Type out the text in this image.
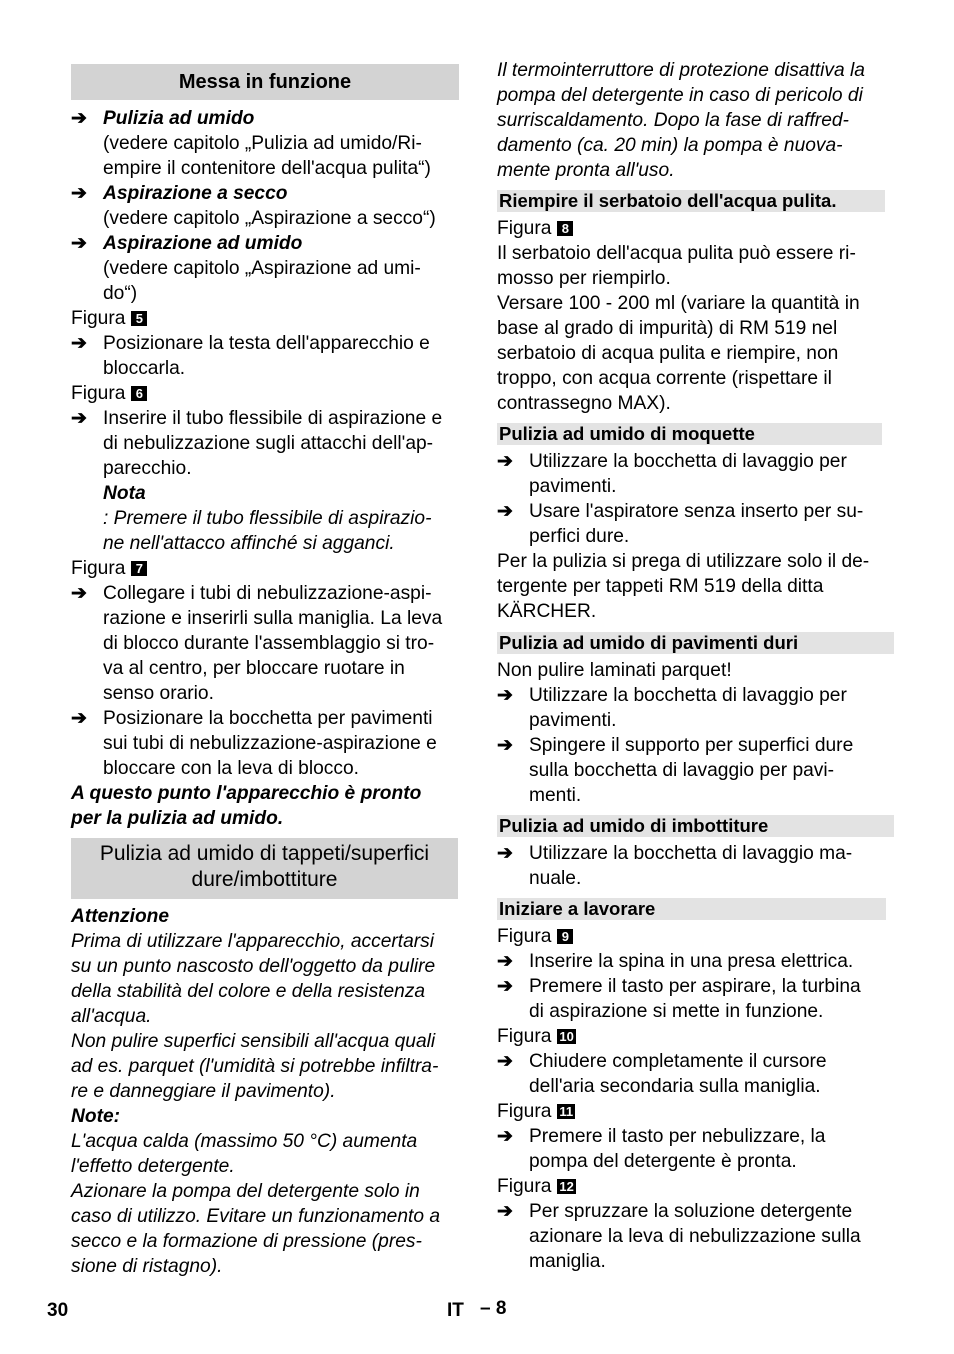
Messa in funzione
Pulizia ad umido di tappeti/superfici
dure/imbottiture
Riempire il serbatoio dell'acqua pulita.
Pulizia ad umido di moquette
Pulizia ad umido di pavimenti duri
Pulizia ad umido di imbottiture
Iniziare a lavorare
➔ Pulizia ad umido
(vedere capitolo „Pulizia ad umido/Ri-
empire il contenitore dell'acqua pulita“)
➔ Aspirazione a secco
(vedere capitolo „Aspirazione a secco“)
➔ Aspirazione ad umido
(vedere capitolo „Aspirazione ad umi-
do“)
Figura 5
➔ Posizionare la testa dell'apparecchio e
bloccarla.
Figura 6
➔ Inserire il tubo flessibile di aspirazione e
di nebulizzazione sugli attacchi dell'ap-
parecchio.
Nota
: Premere il tubo flessibile di aspirazio-
ne nell'attacco affinché si agganci.
Figura 7
➔ Collegare i tubi di nebulizzazione-aspi-
razione e inserirli sulla maniglia. La leva
di blocco durante l'assemblaggio si tro-
va al centro, per bloccare ruotare in
senso orario.
➔ Posizionare la bocchetta per pavimenti
sui tubi di nebulizzazione-aspirazione e
bloccare con la leva di blocco.
A questo punto l'apparecchio è pronto
per la pulizia ad umido.
Attenzione
Prima di utilizzare l'apparecchio, accertarsi
su un punto nascosto dell'oggetto da pulire
della stabilità del colore e della resistenza
all'acqua.
Non pulire superfici sensibili all'acqua quali
ad es. parquet (l'umidità si potrebbe infiltra-
re e danneggiare il pavimento).
Note:
L'acqua calda (massimo 50 °C) aumenta
l'effetto detergente.
Azionare la pompa del detergente solo in
caso di utilizzo. Evitare un funzionamento a
secco e la formazione di pressione (pres-
sione di ristagno).
Il termointerruttore di protezione disattiva la
pompa del detergente in caso di pericolo di
surriscaldamento. Dopo la fase di raffred-
damento (ca. 20 min) la pompa è nuova-
mente pronta all'uso.
Figura 8
Il serbatoio dell'acqua pulita può essere ri-
mosso per riempirlo.
Versare 100 - 200 ml (variare la quantità in
base al grado di impurità) di RM 519 nel
serbatoio di acqua pulita e riempire, non
troppo, con acqua corrente (rispettare il
contrassegno MAX).
➔ Utilizzare la bocchetta di lavaggio per
pavimenti.
➔ Usare l'aspiratore senza inserto per su-
perfici dure.
Per la pulizia si prega di utilizzare solo il de-
tergente per tappeti RM 519 della ditta
KÄRCHER.
Non pulire laminati parquet!
➔ Utilizzare la bocchetta di lavaggio per
pavimenti.
➔ Spingere il supporto per superfici dure
sulla bocchetta di lavaggio per pavi-
menti.
➔ Utilizzare la bocchetta di lavaggio ma-
nuale.
Figura 9
➔ Inserire la spina in una presa elettrica.
➔ Premere il tasto per aspirare, la turbina
di aspirazione si mette in funzione.
Figura 10
➔ Chiudere completamente il cursore
dell'aria secondaria sulla maniglia.
Figura 11
➔ Premere il tasto per nebulizzare, la
pompa del detergente è pronta.
Figura 12
➔ Per spruzzare la soluzione detergente
azionare la leva di nebulizzazione sulla
maniglia.
30	IT – 8
